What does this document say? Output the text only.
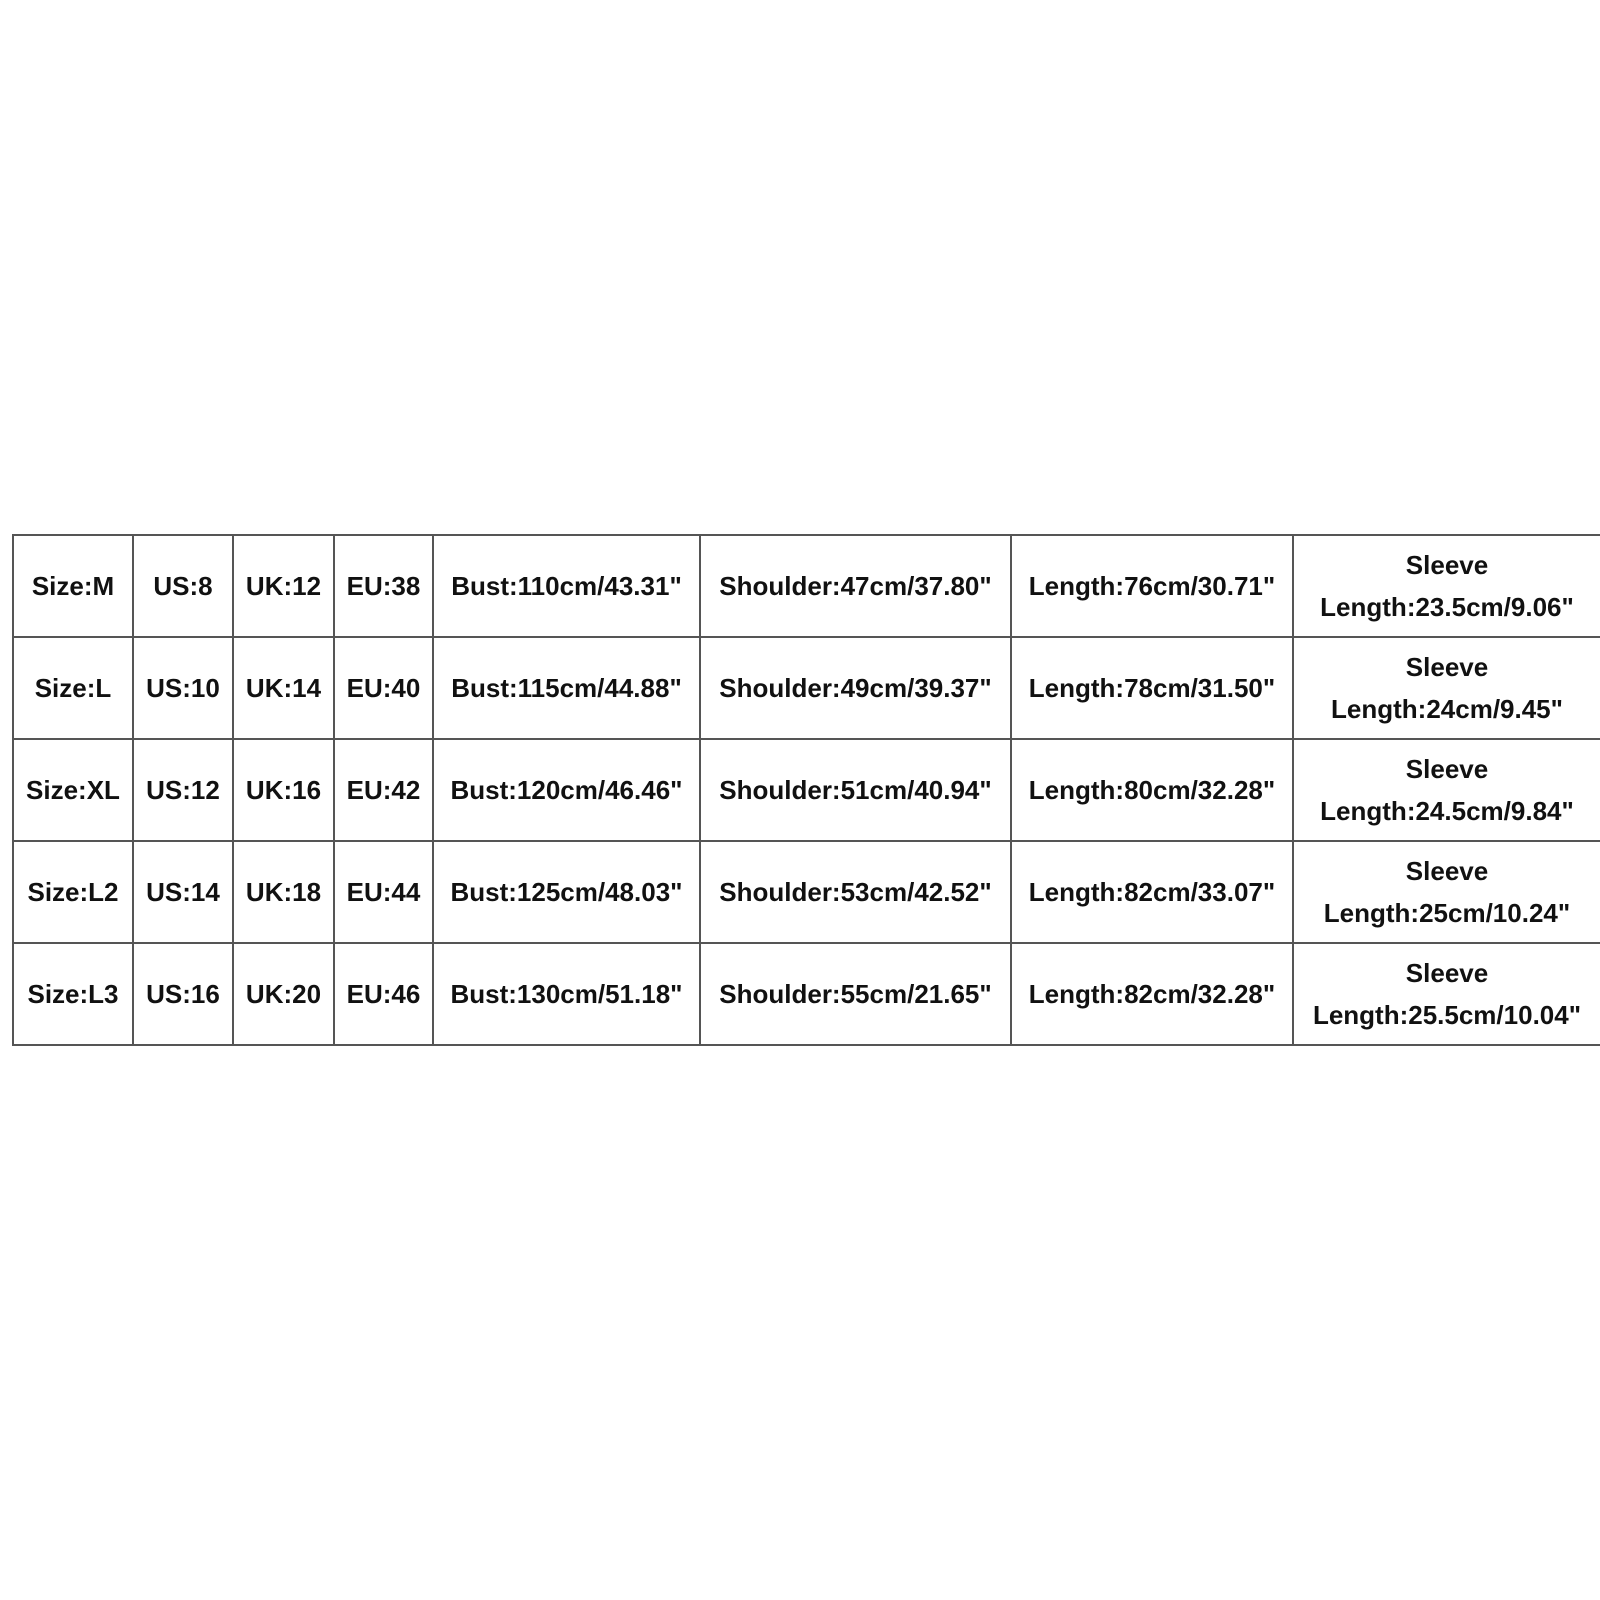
Size:M	US:8	UK:12	EU:38	Bust:110cm/43.31"	Shoulder:47cm/37.80"	Length:76cm/30.71"	Sleeve
Length:23.5cm/9.06"

Size:L	US:10	UK:14	EU:40	Bust:115cm/44.88"	Shoulder:49cm/39.37"	Length:78cm/31.50"	Sleeve
Length:24cm/9.45"

Size:XL	US:12	UK:16	EU:42	Bust:120cm/46.46"	Shoulder:51cm/40.94"	Length:80cm/32.28"	Sleeve
Length:24.5cm/9.84"

Size:L2	US:14	UK:18	EU:44	Bust:125cm/48.03"	Shoulder:53cm/42.52"	Length:82cm/33.07"	Sleeve
Length:25cm/10.24"

Size:L3	US:16	UK:20	EU:46	Bust:130cm/51.18"	Shoulder:55cm/21.65"	Length:82cm/32.28"	Sleeve
Length:25.5cm/10.04"
